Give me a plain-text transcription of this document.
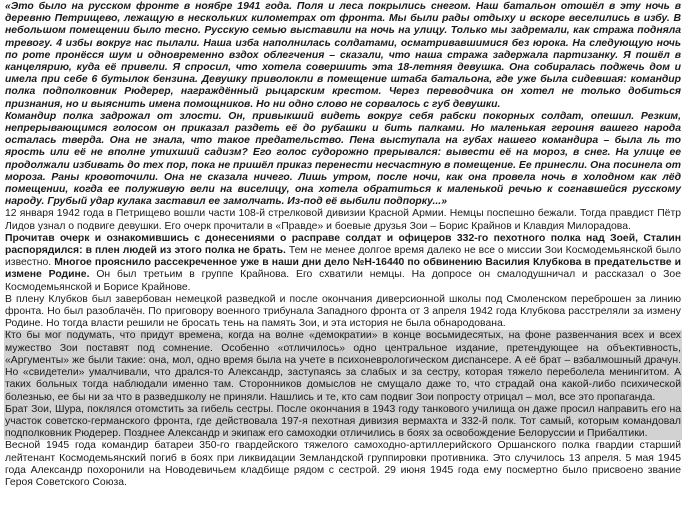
«Это было на русском фронте в ноябре 1941 года. Поля и леса покрылись снегом. Наш батальон отошёл в эту ночь в деревню Петрищево, лежащую в нескольких километрах от фронта. Мы были рады отдыху и вскоре веселились в избу. В небольшом помещении было тесно. Русскую семью выставили на ночь на улицу. Только мы задремали, как стража подняла тревогу. 4 избы вокруг нас пылали. Наша изба наполнилась солдатами, осматривавшимися без юрока. На следующую ночь по ротe пронёсся шум и одновременно вздох облегчения – сказали, что наша стража задержала партизанку. Я пошёл в канцелярию, куда её привели. Я спросил, что хотела совершить эта 18-летняя девушка. Она собиралась поджечь дом и имела при себе 6 бутылок бензина. Девушку приволокли в помещение штаба батальона, где уже была сидевшая: командир полка подполковник Рюдерер, награждённый рыцарским крестом. Через переводчика он хотел не только добиться признания, но и выяснить имена помощников. Но ни одно слово не сорвалось с губ девушки.

Командир полка задрожал от злости. Он, привыкший видеть вокруг себя рабски покорных солдат, опешил. Резким, непрерывающимся голосом он приказал раздеть её до рубашки и бить палками. Но маленькая героиня вашего народа осталась тверда. Она не знала, что такое предательство. Пена выступала на губах нашего командира – была ль то ярость или её не вполне утихший садизм? Его голос судорожно прерывался: вывести её на мороз, в снег. На улице ее продолжали избивать до тех пор, пока не пришёл приказ перенести несчастную в помещение. Ее принесли. Она посинела от мороза. Раны кровоточили. Она не сказала ничего. Лишь утром, после ночи, как она провела ночь в холодном как лёд помещении, когда ее полуживую вели на виселицу, она хотела обратиться к маленькой речью к согнавшейся русскому народу. Грубый удар кулака заставил ее замолчать. Из-под её выбили подпорку...»

12 января 1942 года в Петрищево вошли части 108-й стрелковой дивизии Красной Армии. Немцы поспешно бежали. Тогда правдист Пётр Лидов узнал о подвиге девушки. Его очерк прочитали в «Правде» и боевые друзья Зои – Борис Крайнов и Клавдия Милорадова.

Прочитав очерк и ознакомившись с донесениями о расправе солдат и офицеров 332-го пехотного полка над Зоей, Сталин распорядился: в плен людей из этого полка не брать. Тем не менее долгое время далеко не все о миссии Зои Космодемьянской было известно. Многое прояснило рассекреченное уже в наши дни дело №Н-16440 по обвинению Василия Клубкова в предательстве и измене Родине. Он был третьим в группе Крайнова. Его схватили немцы. На допросе он смалодушничал и рассказал о Зое Космодемьянской и Борисе Крайнове.

В плену Клубков был завербован немецкой разведкой и после окончания диверсионной школы под Смоленском переброшен за линию фронта. Но был разоблачён. По приговору военного трибунала Западного фронта от 3 апреля 1942 года Клубкова расстреляли за измену Родине. Но тогда власти решили не бросать тень на память Зои, и эта история не была обнародована.

Кто бы мог подумать, что придут времена, когда на волне «демократии» в конце восьмидесятых, на фоне развенчания всех и всех мужество Зои поставят под сомнение. Особенно «отличилось» одно центральное издание, претендующее на объективность, «Аргументы» же были такие: она, мол, одно время была на учете в психоневрологическом диспансере. А её брат – взбалмошный драчун. Но «свидетели» умалчивали, что дрался-то Александр, заступаясь за слабых и за сестру, которая тяжело переболела менингитом. А таких больных тогда наблюдали именно там. Сторонников домыслов не смущало даже то, что страдай она какой-либо психической болезнью, ее бы ни за что в разведшколу не приняли. Нашлись и те, кто сам подвиг Зои попросту отрицал – мол, все это пропаганда.

Брат Зои, Шура, поклялся отомстить за гибель сестры. После окончания в 1943 году танкового училища он даже просил направить его на участок советско-германского фронта, где действовала 197-я пехотная дивизия вермахта и 332-й полк. Тот самый, которым командовал подполковник Рюдерер. Позднее Александр и экипаж его самоходки отличились в боях за освобождение Белоруссии и Прибалтики.

Весной 1945 года командир батареи 350-го гвардейского тяжелого самоходно-артиллерийского Оршанского полка гвардии старший лейтенант Космодемьянский погиб в боях при ликвидации Земландской группировки противника. Это случилось 13 апреля. 5 мая 1945 года Александр похоронили на Новодевичьем кладбище рядом с сестрой. 29 июня 1945 года ему посмертно было присвоено звание Героя Советского Союза.
